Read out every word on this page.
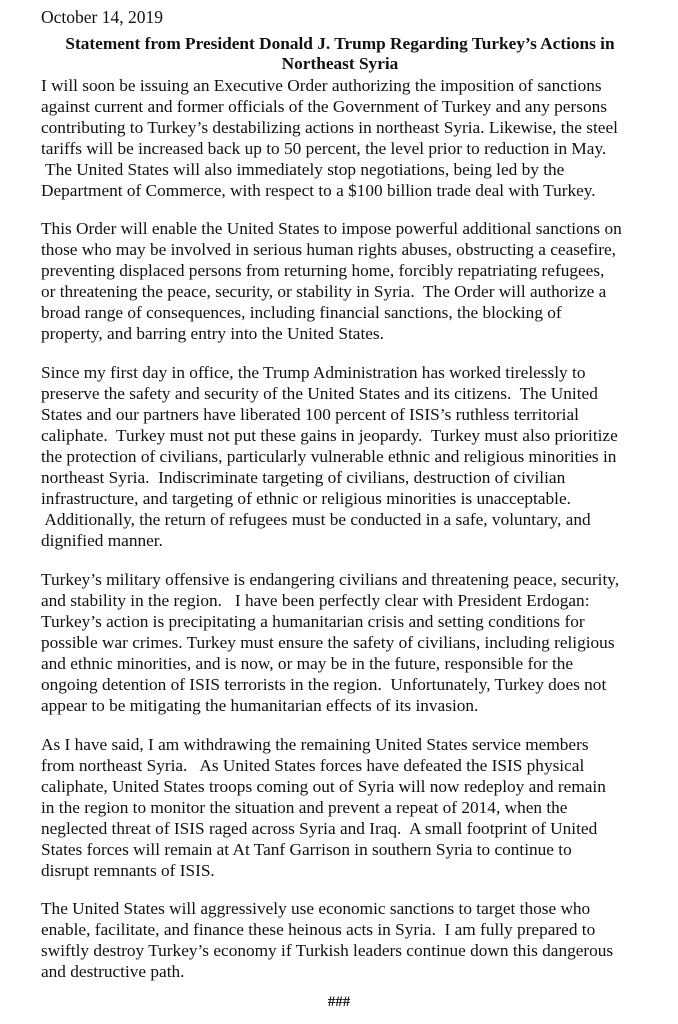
October 14, 2019
Statement from President Donald J. Trump Regarding Turkey’s Actions in
Northeast Syria
I will soon be issuing an Executive Order authorizing the imposition of sanctions
against current and former officials of the Government of Turkey and any persons
contributing to Turkey’s destabilizing actions in northeast Syria. Likewise, the steel
tariffs will be increased back up to 50 percent, the level prior to reduction in May.
The United States will also immediately stop negotiations, being led by the
Department of Commerce, with respect to a $100 billion trade deal with Turkey.
This Order will enable the United States to impose powerful additional sanctions on
those who may be involved in serious human rights abuses, obstructing a ceasefire,
preventing displaced persons from returning home, forcibly repatriating refugees,
or threatening the peace, security, or stability in Syria.  The Order will authorize a
broad range of consequences, including financial sanctions, the blocking of
property, and barring entry into the United States.
Since my first day in office, the Trump Administration has worked tirelessly to
preserve the safety and security of the United States and its citizens.  The United
States and our partners have liberated 100 percent of ISIS’s ruthless territorial
caliphate.  Turkey must not put these gains in jeopardy.  Turkey must also prioritize
the protection of civilians, particularly vulnerable ethnic and religious minorities in
northeast Syria.  Indiscriminate targeting of civilians, destruction of civilian
infrastructure, and targeting of ethnic or religious minorities is unacceptable.
Additionally, the return of refugees must be conducted in a safe, voluntary, and
dignified manner.
Turkey’s military offensive is endangering civilians and threatening peace, security,
and stability in the region.   I have been perfectly clear with President Erdogan:
Turkey’s action is precipitating a humanitarian crisis and setting conditions for
possible war crimes. Turkey must ensure the safety of civilians, including religious
and ethnic minorities, and is now, or may be in the future, responsible for the
ongoing detention of ISIS terrorists in the region.  Unfortunately, Turkey does not
appear to be mitigating the humanitarian effects of its invasion.
As I have said, I am withdrawing the remaining United States service members
from northeast Syria.   As United States forces have defeated the ISIS physical
caliphate, United States troops coming out of Syria will now redeploy and remain
in the region to monitor the situation and prevent a repeat of 2014, when the
neglected threat of ISIS raged across Syria and Iraq.  A small footprint of United
States forces will remain at At Tanf Garrison in southern Syria to continue to
disrupt remnants of ISIS.
The United States will aggressively use economic sanctions to target those who
enable, facilitate, and finance these heinous acts in Syria.  I am fully prepared to
swiftly destroy Turkey’s economy if Turkish leaders continue down this dangerous
and destructive path.
###
